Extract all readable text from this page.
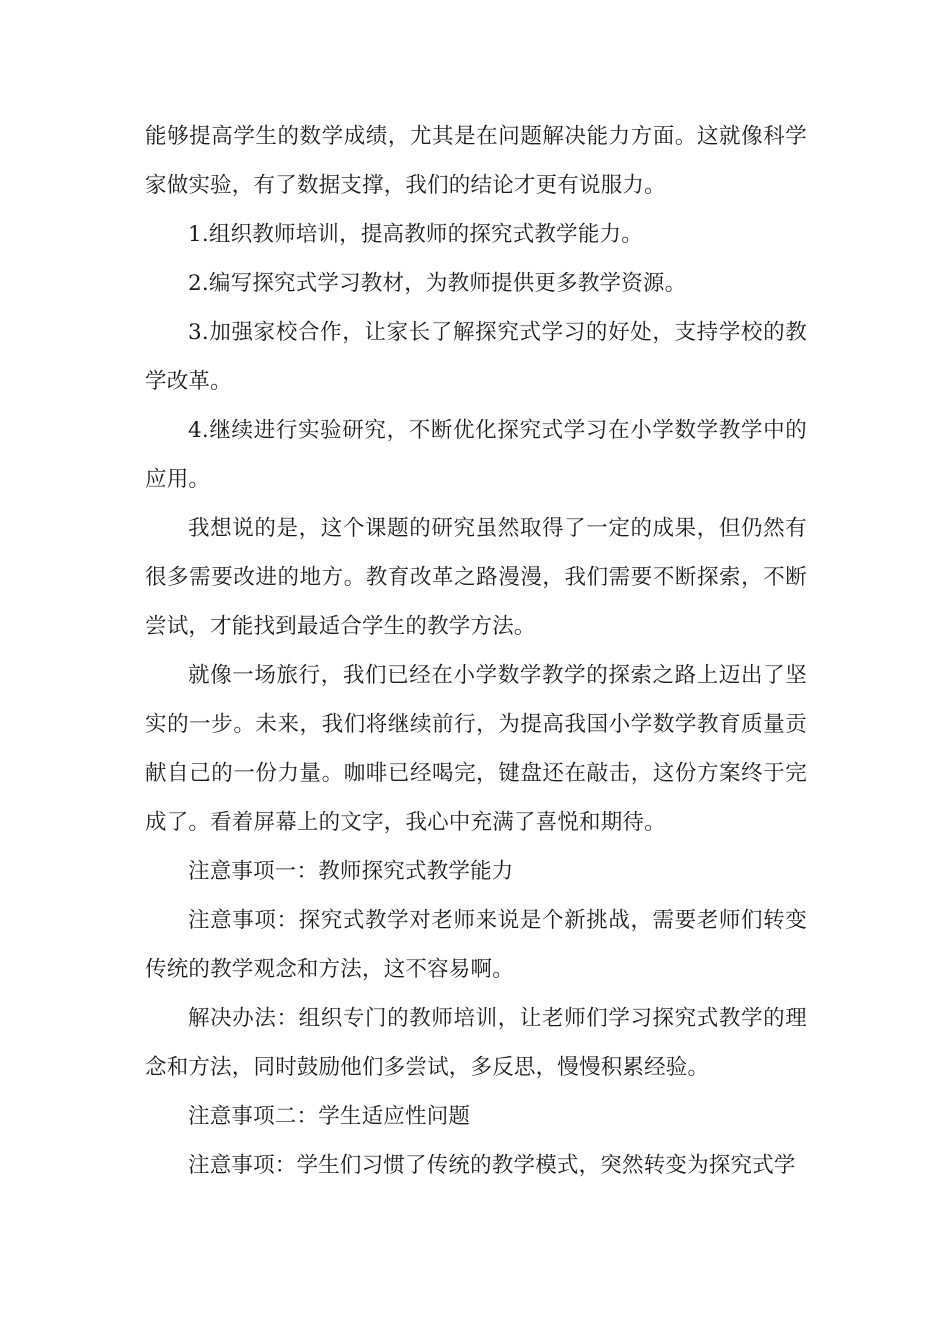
能够提高学生的数学成绩，尤其是在问题解决能力方面。这就像科学家做实验，有了数据支撑，我们的结论才更有说服力。

1.组织教师培训，提高教师的探究式教学能力。

2.编写探究式学习教材，为教师提供更多教学资源。

3.加强家校合作，让家长了解探究式学习的好处，支持学校的教学改革。

4.继续进行实验研究，不断优化探究式学习在小学数学教学中的应用。

我想说的是，这个课题的研究虽然取得了一定的成果，但仍然有很多需要改进的地方。教育改革之路漫漫，我们需要不断探索，不断尝试，才能找到最适合学生的教学方法。

就像一场旅行，我们已经在小学数学教学的探索之路上迈出了坚实的一步。未来，我们将继续前行，为提高我国小学数学教育质量贡献自己的一份力量。咖啡已经喝完，键盘还在敲击，这份方案终于完成了。看着屏幕上的文字，我心中充满了喜悦和期待。

注意事项一：教师探究式教学能力

注意事项：探究式教学对老师来说是个新挑战，需要老师们转变传统的教学观念和方法，这不容易啊。

解决办法：组织专门的教师培训，让老师们学习探究式教学的理念和方法，同时鼓励他们多尝试，多反思，慢慢积累经验。

注意事项二：学生适应性问题

注意事项：学生们习惯了传统的教学模式，突然转变为探究式学
